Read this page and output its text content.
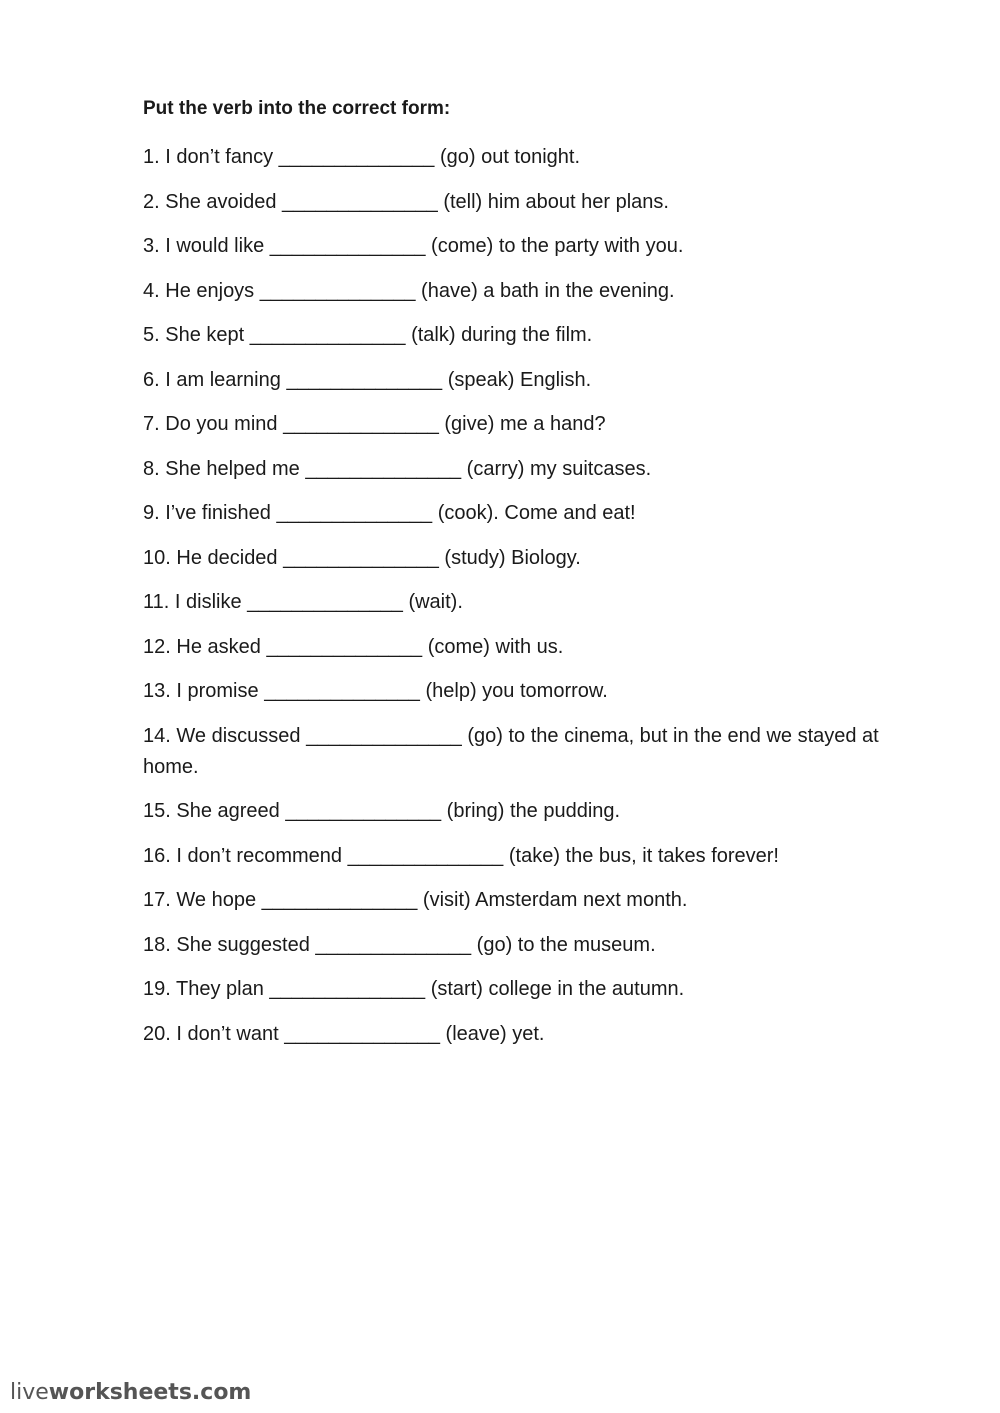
Put the verb into the correct form:

1. I don’t fancy ______________ (go) out tonight.
2. She avoided ______________ (tell) him about her plans.
3. I would like ______________ (come) to the party with you.
4. He enjoys ______________ (have) a bath in the evening.
5. She kept ______________ (talk) during the film.
6. I am learning ______________ (speak) English.
7. Do you mind ______________ (give) me a hand?
8. She helped me ______________ (carry) my suitcases.
9. I’ve finished ______________ (cook). Come and eat!
10. He decided ______________ (study) Biology.
11. I dislike ______________ (wait).
12. He asked ______________ (come) with us.
13. I promise ______________ (help) you tomorrow.
14. We discussed ______________ (go) to the cinema, but in the end we stayed at home.
15. She agreed ______________ (bring) the pudding.
16. I don’t recommend ______________ (take) the bus, it takes forever!
17. We hope ______________ (visit) Amsterdam next month.
18. She suggested ______________ (go) to the museum.
19. They plan ______________ (start) college in the autumn.
20. I don’t want ______________ (leave) yet.
liveworksheets.com
